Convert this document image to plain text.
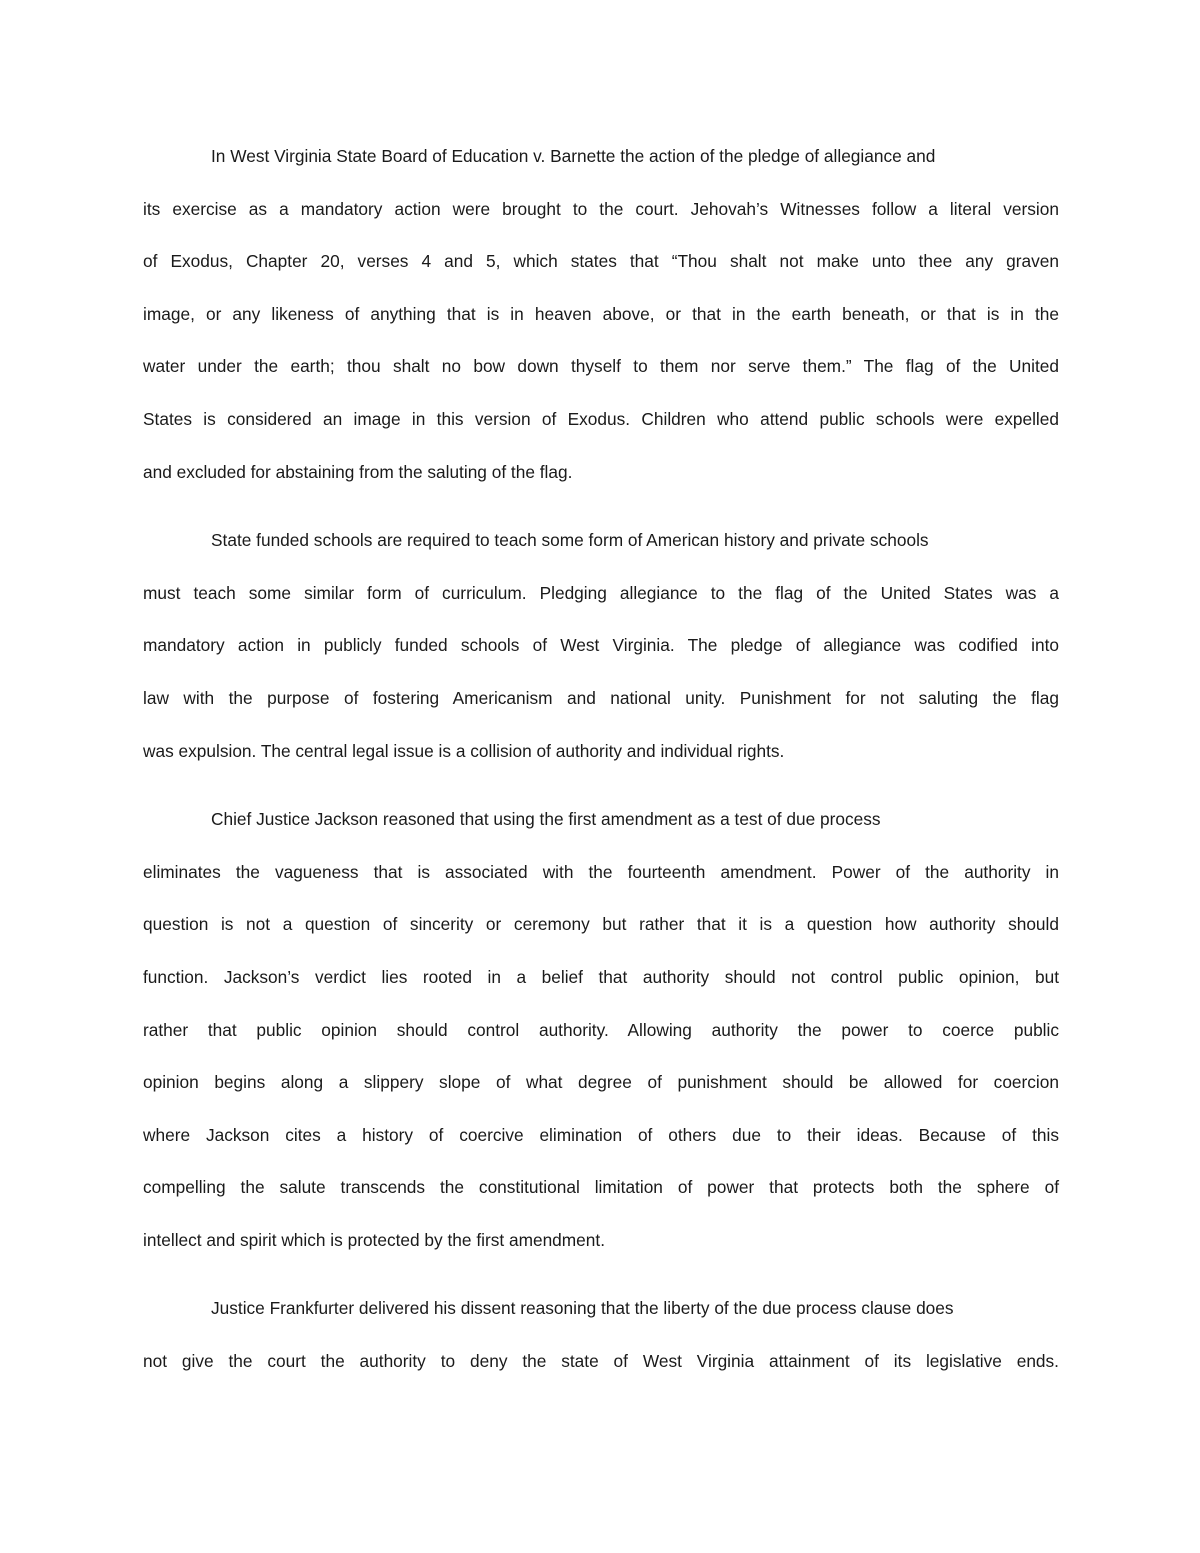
In West Virginia State Board of Education v. Barnette the action of the pledge of allegiance and
its exercise as a mandatory action were brought to the court. Jehovah’s Witnesses follow a literal version
of Exodus, Chapter 20, verses 4 and 5, which states that “Thou shalt not make unto thee any graven
image, or any likeness of anything that is in heaven above, or that in the earth beneath, or that is in the
water under the earth; thou shalt no bow down thyself to them nor serve them.” The flag of the United
States is considered an image in this version of Exodus. Children who attend public schools were expelled
and excluded for abstaining from the saluting of the flag.
State funded schools are required to teach some form of American history and private schools
must teach some similar form of curriculum. Pledging allegiance to the flag of the United States was a
mandatory action in publicly funded schools of West Virginia. The pledge of allegiance was codified into
law with the purpose of fostering Americanism and national unity. Punishment for not saluting the flag
was expulsion. The central legal issue is a collision of authority and individual rights.
Chief Justice Jackson reasoned that using the first amendment as a test of due process
eliminates the vagueness that is associated with the fourteenth amendment. Power of the authority in
question is not a question of sincerity or ceremony but rather that it is a question how authority should
function. Jackson’s verdict lies rooted in a belief that authority should not control public opinion, but
rather that public opinion should control authority. Allowing authority the power to coerce public
opinion begins along a slippery slope of what degree of punishment should be allowed for coercion
where Jackson cites a history of coercive elimination of others due to their ideas. Because of this
compelling the salute transcends the constitutional limitation of power that protects both the sphere of
intellect and spirit which is protected by the first amendment.
Justice Frankfurter delivered his dissent reasoning that the liberty of the due process clause does
not give the court the authority to deny the state of West Virginia attainment of its legislative ends.
